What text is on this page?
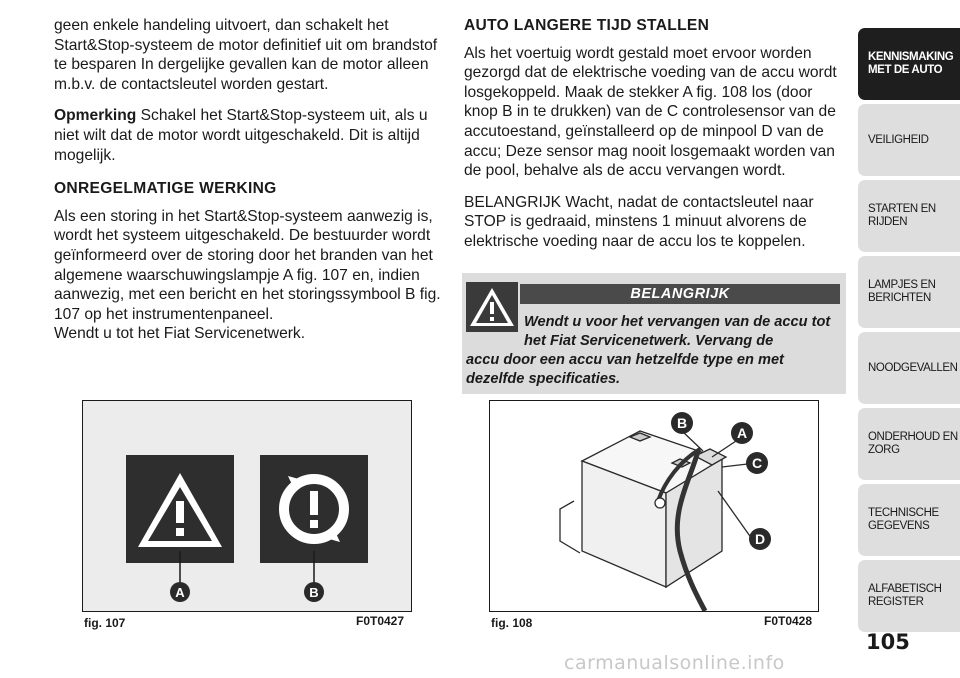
geen enkele handeling uitvoert, dan schakelt het Start&Stop-systeem de motor definitief uit om brandstof te besparen In dergelijke gevallen kan de motor alleen m.b.v. de contactsleutel worden gestart.

Opmerking Schakel het Start&Stop-systeem uit, als u niet wilt dat de motor wordt uitgeschakeld. Dit is altijd mogelijk.

ONREGELMATIGE WERKING

Als een storing in het Start&Stop-systeem aanwezig is, wordt het systeem uitgeschakeld. De bestuurder wordt geïnformeerd over de storing door het branden van het algemene waarschuwingslampje A fig. 107 en, indien aanwezig, met een bericht en het storingssymbool B fig. 107 op het instrumentenpaneel.
Wendt u tot het Fiat Servicenetwerk.

AUTO LANGERE TIJD STALLEN

Als het voertuig wordt gestald moet ervoor worden gezorgd dat de elektrische voeding van de accu wordt losgekoppeld. Maak de stekker A fig. 108 los (door knop B in te drukken) van de C controlesensor van de accutoestand, geïnstalleerd op de minpool D van de accu; Deze sensor mag nooit losgemaakt worden van de pool, behalve als de accu vervangen wordt.

BELANGRIJK Wacht, nadat de contactsleutel naar STOP is gedraaid, minstens 1 minuut alvorens de elektrische voeding naar de accu los te koppelen.

BELANGRIJK
Wendt u voor het vervangen van de accu tot het Fiat Servicenetwerk. Vervang de
accu door een accu van hetzelfde type en met dezelfde specificaties.
A	B
fig. 107	F0T0427
B
A
C
D
fig. 108	F0T0428
KENNISMAKING MET DE AUTO
VEILIGHEID
STARTEN EN RIJDEN
LAMPJES EN BERICHTEN
NOODGEVALLEN
ONDERHOUD EN ZORG
TECHNISCHE GEGEVENS
ALFABETISCH REGISTER
105
carmanualsonline.info
